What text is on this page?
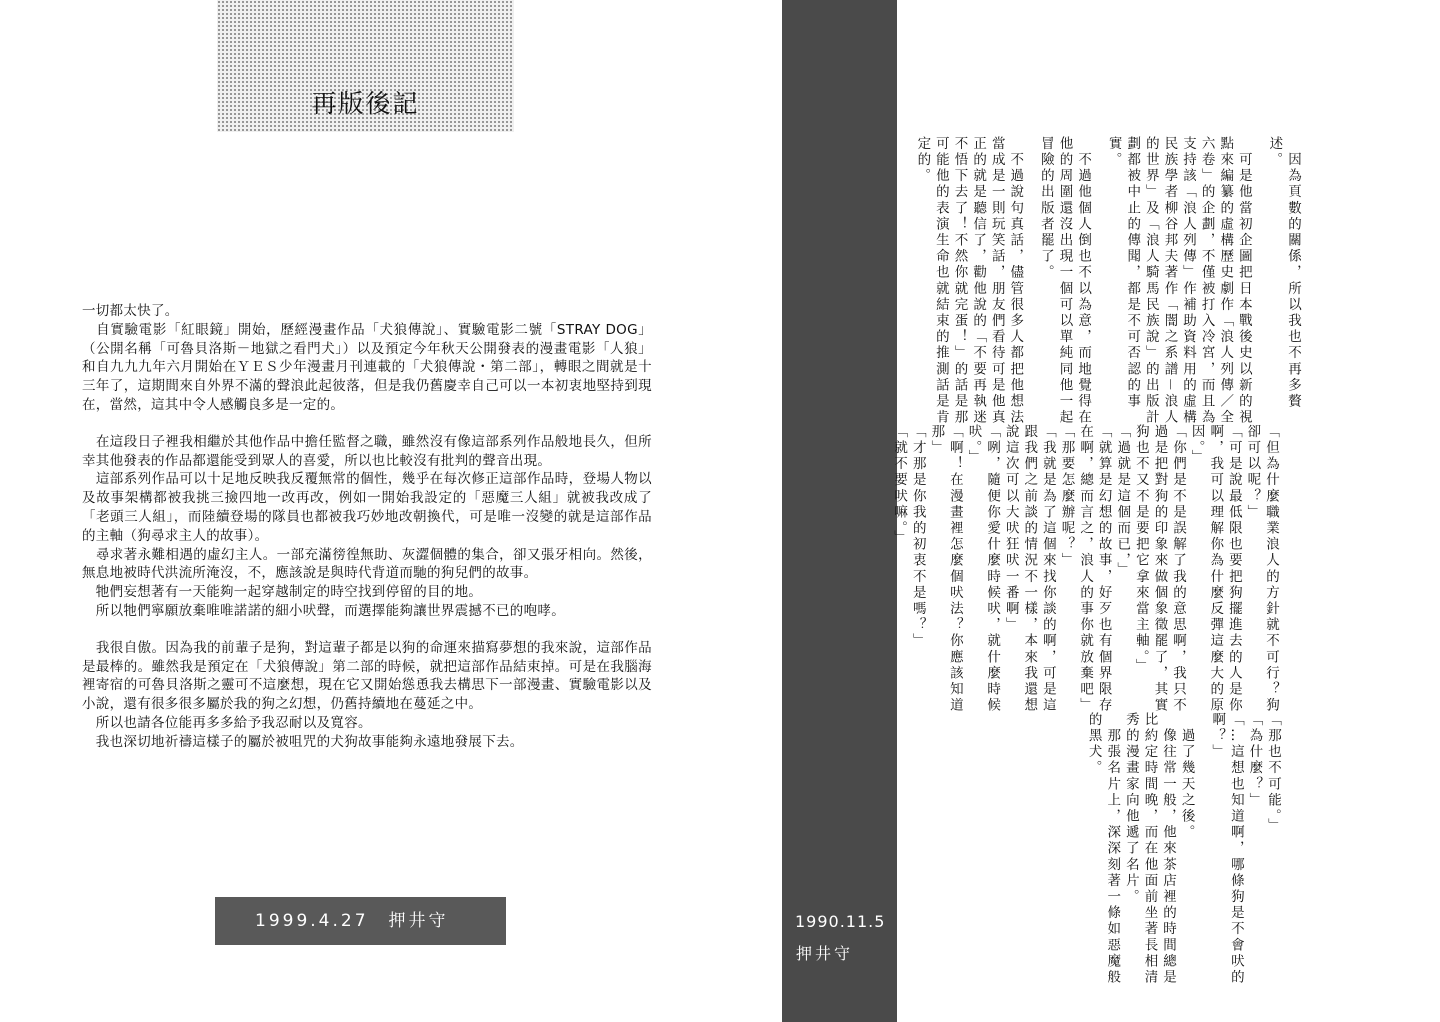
再版後記

一切都太快了。

　自實驗電影「紅眼鏡」開始，歷經漫畫作品「犬狼傳說」、實驗電影二號「STRAY DOG」（公開名稱「可魯貝洛斯－地獄之看門犬」）以及預定今年秋天公開發表的漫畫電影「人狼」和自九九九年六月開始在ＹＥＳ少年漫畫月刊連載的「犬狼傳說・第二部」，轉眼之間就是十三年了，這期間來自外界不滿的聲浪此起彼落，但是我仍舊慶幸自己可以一本初衷地堅持到現在，當然，這其中令人感觸良多是一定的。

　在這段日子裡我相繼於其他作品中擔任監督之職，雖然沒有像這部系列作品般地長久，但所幸其他發表的作品都還能受到眾人的喜愛，所以也比較沒有批判的聲音出現。

　這部系列作品可以十足地反映我反覆無常的個性，幾乎在每次修正這部作品時，登場人物以及故事架構都被我挑三撿四地一改再改，例如一開始我設定的「惡魔三人組」就被我改成了「老頭三人組」，而陸續登場的隊員也都被我巧妙地改朝換代，可是唯一沒變的就是這部作品的主軸（狗尋求主人的故事）。

　尋求著永難相遇的虛幻主人。一部充滿徬徨無助、灰澀個體的集合，卻又張牙相向。然後，無息地被時代洪流所淹沒，不，應該說是與時代背道而馳的狗兒們的故事。

　牠們妄想著有一天能夠一起穿越制定的時空找到停留的目的地。

　所以牠們寧願放棄唯唯諾諾的細小吠聲，而選擇能夠讓世界震撼不已的咆哮。

　我很自傲。因為我的前輩子是狗，對這輩子都是以狗的命運來描寫夢想的我來說，這部作品是最棒的。雖然我是預定在「犬狼傳說」第二部的時候，就把這部作品結束掉。可是在我腦海裡寄宿的可魯貝洛斯之靈可不這麼想，現在它又開始慫恿我去構思下一部漫畫、實驗電影以及小說，還有很多很多屬於我的狗之幻想，仍舊持續地在蔓延之中。

　所以也請各位能再多多給予我忍耐以及寬容。

　我也深切地祈禱這樣子的屬於被咀咒的犬狗故事能夠永遠地發展下去。

1999.4.27　押井守	1990.11.5
押井守

　因為頁數的關係，所以我也不再多贅述。

　可是他當初企圖把日本戰後史以新的視點來編纂的虛構歷史劇作「浪人列傳／全六卷」的企劃，不僅被打入冷宮，而且為支持該「浪人列傳」作補助資料用的虛構民族學者柳谷邦夫著作「闇之系譜－浪人的世界」及「浪人騎馬民族說」的出版計劃都被中止的傳聞，都是不可否認的事實。

　不過他個人倒也不以為意，而地覺得在他的周圍還沒出現一個可以單純同他一起冒險的出版者罷了。

　不過說句真話，儘管很多人都把他想法當成是一則玩笑話，朋友們看待可是他真正的就是聽信了，勸他說的「不要再執迷不悟下去了！不然你就完蛋！」的話是那可能他的表演生命也就結束的推測話是肯定的。

「但為什麼職業浪人的方針就不可行？狗卻可以呢？」

「可是說最低限也要把狗擺進去的人是你啊，我可以理解你為什麼反彈這麼大的原因。」

「你們是不是誤解了我的意思啊，我只不過是把對狗的印象來做個象徵罷了，其實狗也不又不是要把它拿來當主軸。」

「過就是這個而已，」

「就算是幻想的故事，好歹也有個界限存在啊，總而言之，浪人的事你就放棄吧」

「那要怎麼辦呢？」

「我就是為了這個來找你談的啊，可是這跟我們之前談的情況不一樣，本來我還想說這次可以大吠狂吠一番啊」

「咧，隨便你愛什麼時候吠，就什麼時候吠。」

「啊！在漫畫裡怎麼個吠法？你應該知道那」

「才那是你我的初衷不是嗎？」

「就不要吠嘛。」

「那也不可能。」

「為什麼？」

「…這想也知道啊，哪條狗是不會吠的啊？」

　過了幾天之後。

　像往常一般，他來茶店裡的時間總是比約定時間晚，而在他面前坐著長相清秀的漫畫家向他遞了名片。

　那張名片上，深深刻著一條如惡魔般的黑犬。
